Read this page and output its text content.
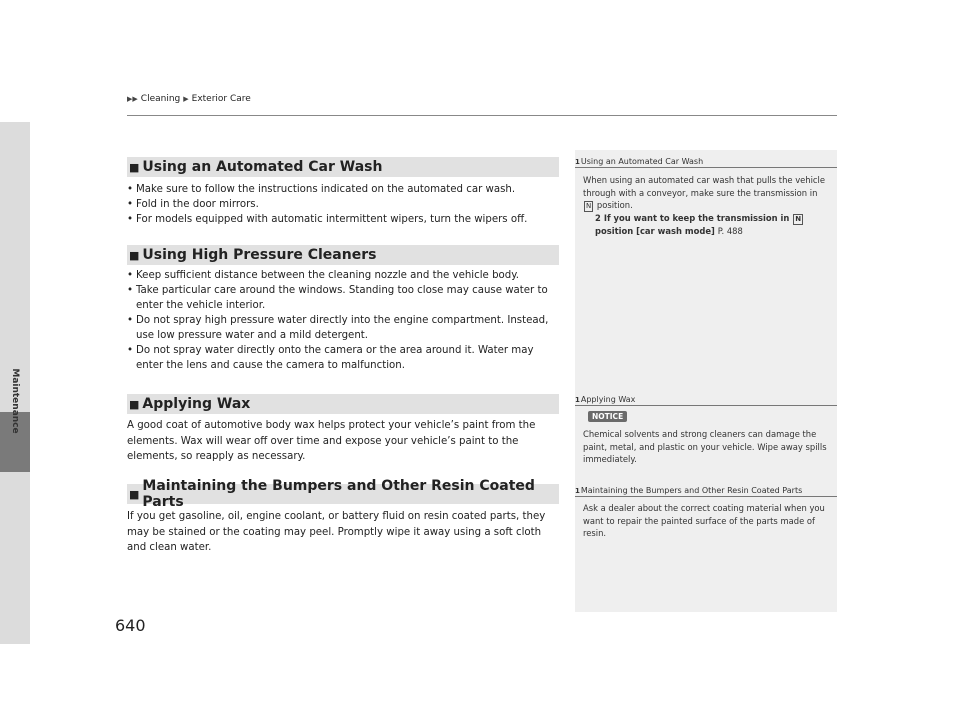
Maintenance
▶▶ Cleaning ▶ Exterior Care
■ Using an Automated Car Wash
• Make sure to follow the instructions indicated on the automated car wash.
• Fold in the door mirrors.
• For models equipped with automatic intermittent wipers, turn the wipers off.
■ Using High Pressure Cleaners
• Keep sufficient distance between the cleaning nozzle and the vehicle body.
• Take particular care around the windows. Standing too close may cause water to enter the vehicle interior.
• Do not spray high pressure water directly into the engine compartment. Instead, use low pressure water and a mild detergent.
• Do not spray water directly onto the camera or the area around it. Water may enter the lens and cause the camera to malfunction.
■ Applying Wax
A good coat of automotive body wax helps protect your vehicle’s paint from the elements. Wax will wear off over time and expose your vehicle’s paint to the elements, so reapply as necessary.
■ Maintaining the Bumpers and Other Resin Coated Parts
If you get gasoline, oil, engine coolant, or battery fluid on resin coated parts, they may be stained or the coating may peel. Promptly wipe it away using a soft cloth and clean water.
1 Using an Automated Car Wash
When using an automated car wash that pulls the vehicle through with a conveyor, make sure the transmission in N position.
2 If you want to keep the transmission in N
position [car wash mode] P. 488
1 Applying Wax
NOTICE
Chemical solvents and strong cleaners can damage the paint, metal, and plastic on your vehicle. Wipe away spills immediately.
1 Maintaining the Bumpers and Other Resin Coated Parts
Ask a dealer about the correct coating material when you want to repair the painted surface of the parts made of resin.
640
